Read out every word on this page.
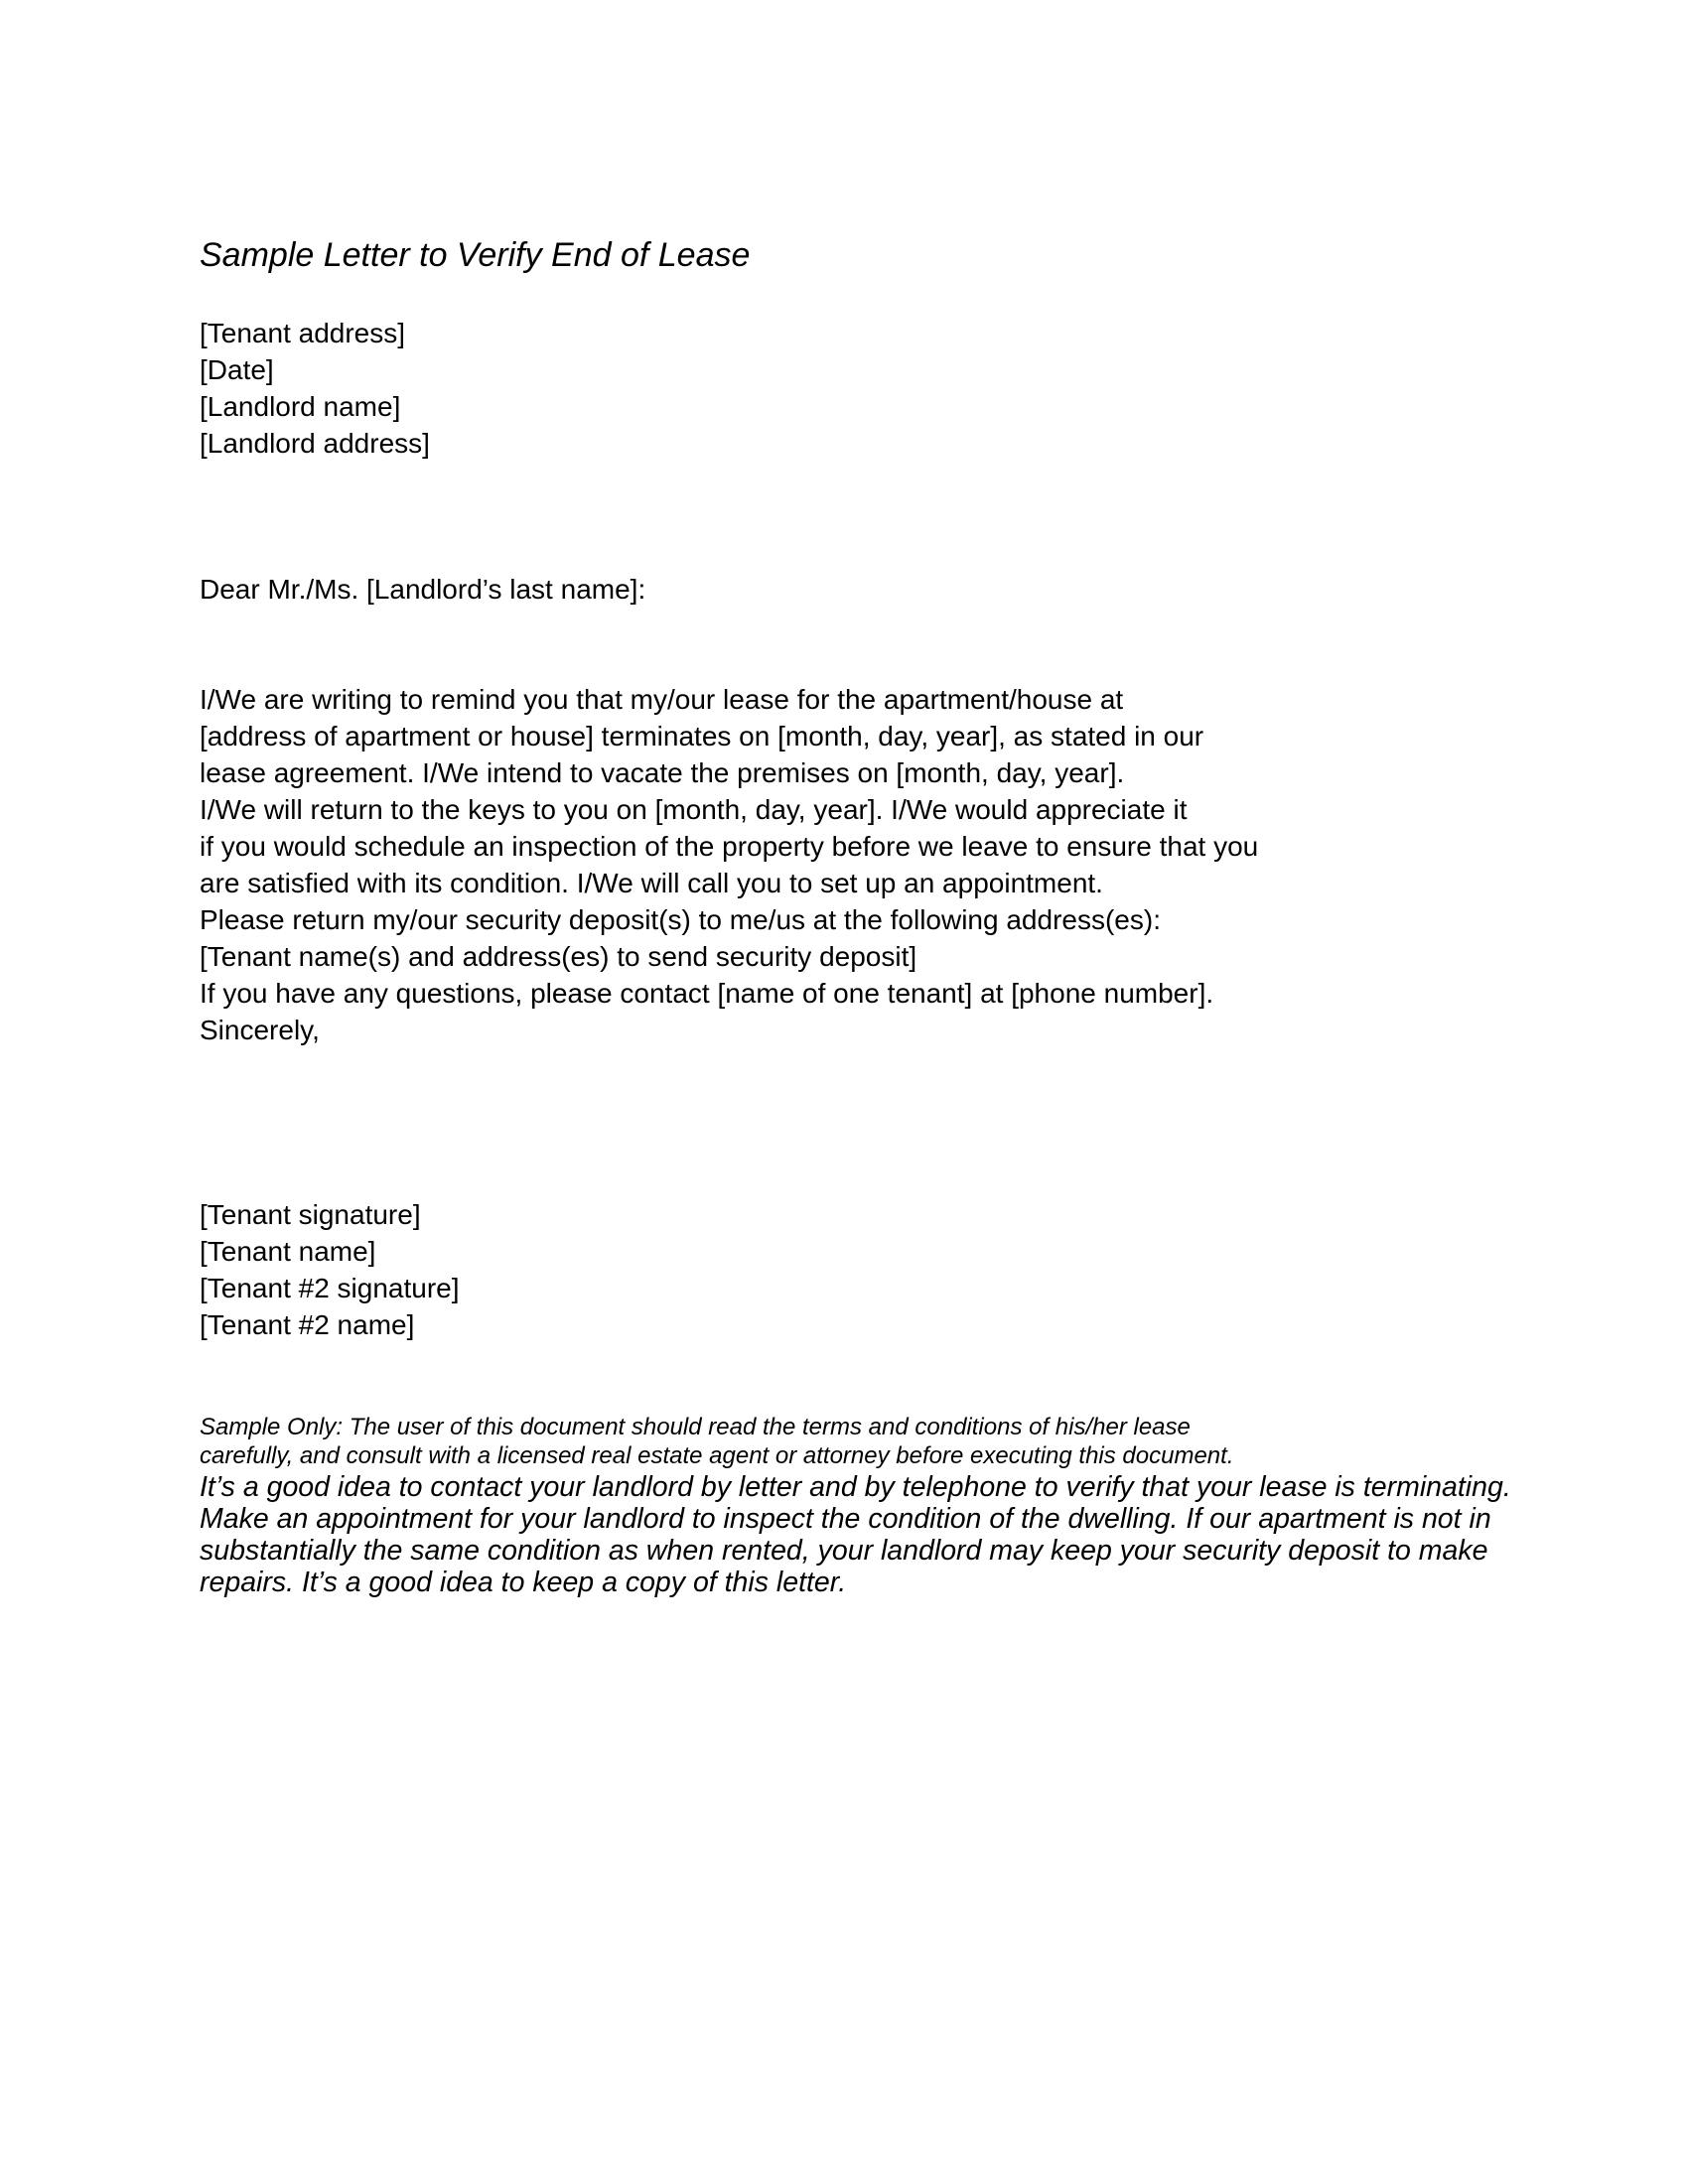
Sample Letter to Verify End of Lease
[Tenant address]
[Date]
[Landlord name]
[Landlord address]
Dear Mr./Ms. [Landlord’s last name]:
I/We are writing to remind you that my/our lease for the apartment/house at
[address of apartment or house] terminates on [month, day, year], as stated in our
lease agreement. I/We intend to vacate the premises on [month, day, year].
I/We will return to the keys to you on [month, day, year]. I/We would appreciate it
if you would schedule an inspection of the property before we leave to ensure that you
are satisfied with its condition. I/We will call you to set up an appointment.
Please return my/our security deposit(s) to me/us at the following address(es):
[Tenant name(s) and address(es) to send security deposit]
If you have any questions, please contact [name of one tenant] at [phone number].
Sincerely,
[Tenant signature]
[Tenant name]
[Tenant #2 signature]
[Tenant #2 name]
Sample Only: The user of this document should read the terms and conditions of his/her lease
carefully, and consult with a licensed real estate agent or attorney before executing this document.
It’s a good idea to contact your landlord by letter and by telephone to verify that your lease is terminating.
Make an appointment for your landlord to inspect the condition of the dwelling. If our apartment is not in
substantially the same condition as when rented, your landlord may keep your security deposit to make
repairs. It’s a good idea to keep a copy of this letter.
